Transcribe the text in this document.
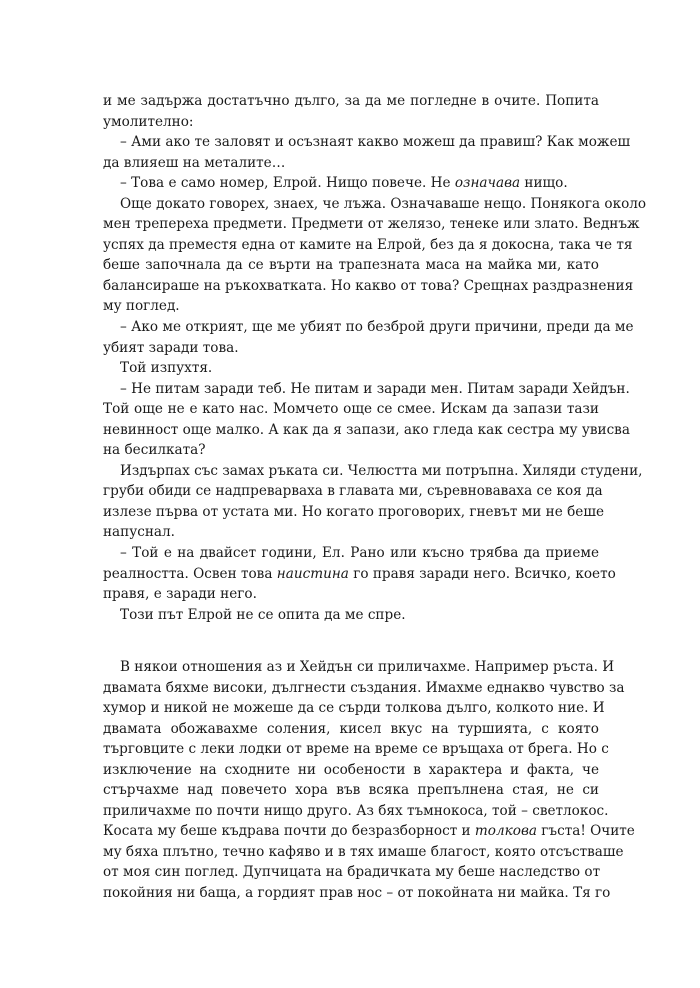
и ме задържа достатъчно дълго, за да ме погледне в очите. Попита
умолително:
– Ами ако те заловят и осъзнаят какво можеш да правиш? Как можеш
да влияеш на металите…
– Това е само номер, Елрой. Нищо повече. Не означава нищо.
Още докато говорех, знаех, че лъжа. Означаваше нещо. Понякога около
мен трепереха предмети. Предмети от желязо, тенеке или злато. Веднъж
успях да преместя една от камите на Елрой, без да я докосна, така че тя
беше започнала да се върти на трапезната маса на майка ми, като
балансираше на ръкохватката. Но какво от това? Срещнах раздразнения
му поглед.
– Ако ме открият, ще ме убият по безброй други причини, преди да ме
убият заради това.
Той изпухтя.
– Не питам заради теб. Не питам и заради мен. Питам заради Хейдън.
Той още не е като нас. Момчето още се смее. Искам да запази тази
невинност още малко. А как да я запази, ако гледа как сестра му увисва
на бесилката?
Издърпах със замах ръката си. Челюстта ми потръпна. Хиляди студени,
груби обиди се надпреварваха в главата ми, съревноваваха се коя да
излезе първа от устата ми. Но когато проговорих, гневът ми не беше
напуснал.
– Той е на двайсет години, Ел. Рано или късно трябва да приеме
реалността. Освен това наистина го правя заради него. Всичко, което
правя, е заради него.
Този път Елрой не се опита да ме спре.
В някои отношения аз и Хейдън си приличахме. Например ръста. И
двамата бяхме високи, дългнести създания. Имахме еднакво чувство за
хумор и никой не можеше да се сърди толкова дълго, колкото ние. И
двамата обожавахме соления, кисел вкус на туршията, с която
търговците с леки лодки от време на време се връщаха от брега. Но с
изключение на сходните ни особености в характера и факта, че
стърчахме над повечето хора във всяка препълнена стая, не си
приличахме по почти нищо друго. Аз бях тъмнокоса, той – светлокос.
Косата му беше къдрава почти до безразборност и толкова гъста! Очите
му бяха плътно, течно кафяво и в тях имаше благост, която отсъстваше
от моя син поглед. Дупчицата на брадичката му беше наследство от
покойния ни баща, а гордият прав нос – от покойната ни майка. Тя го
